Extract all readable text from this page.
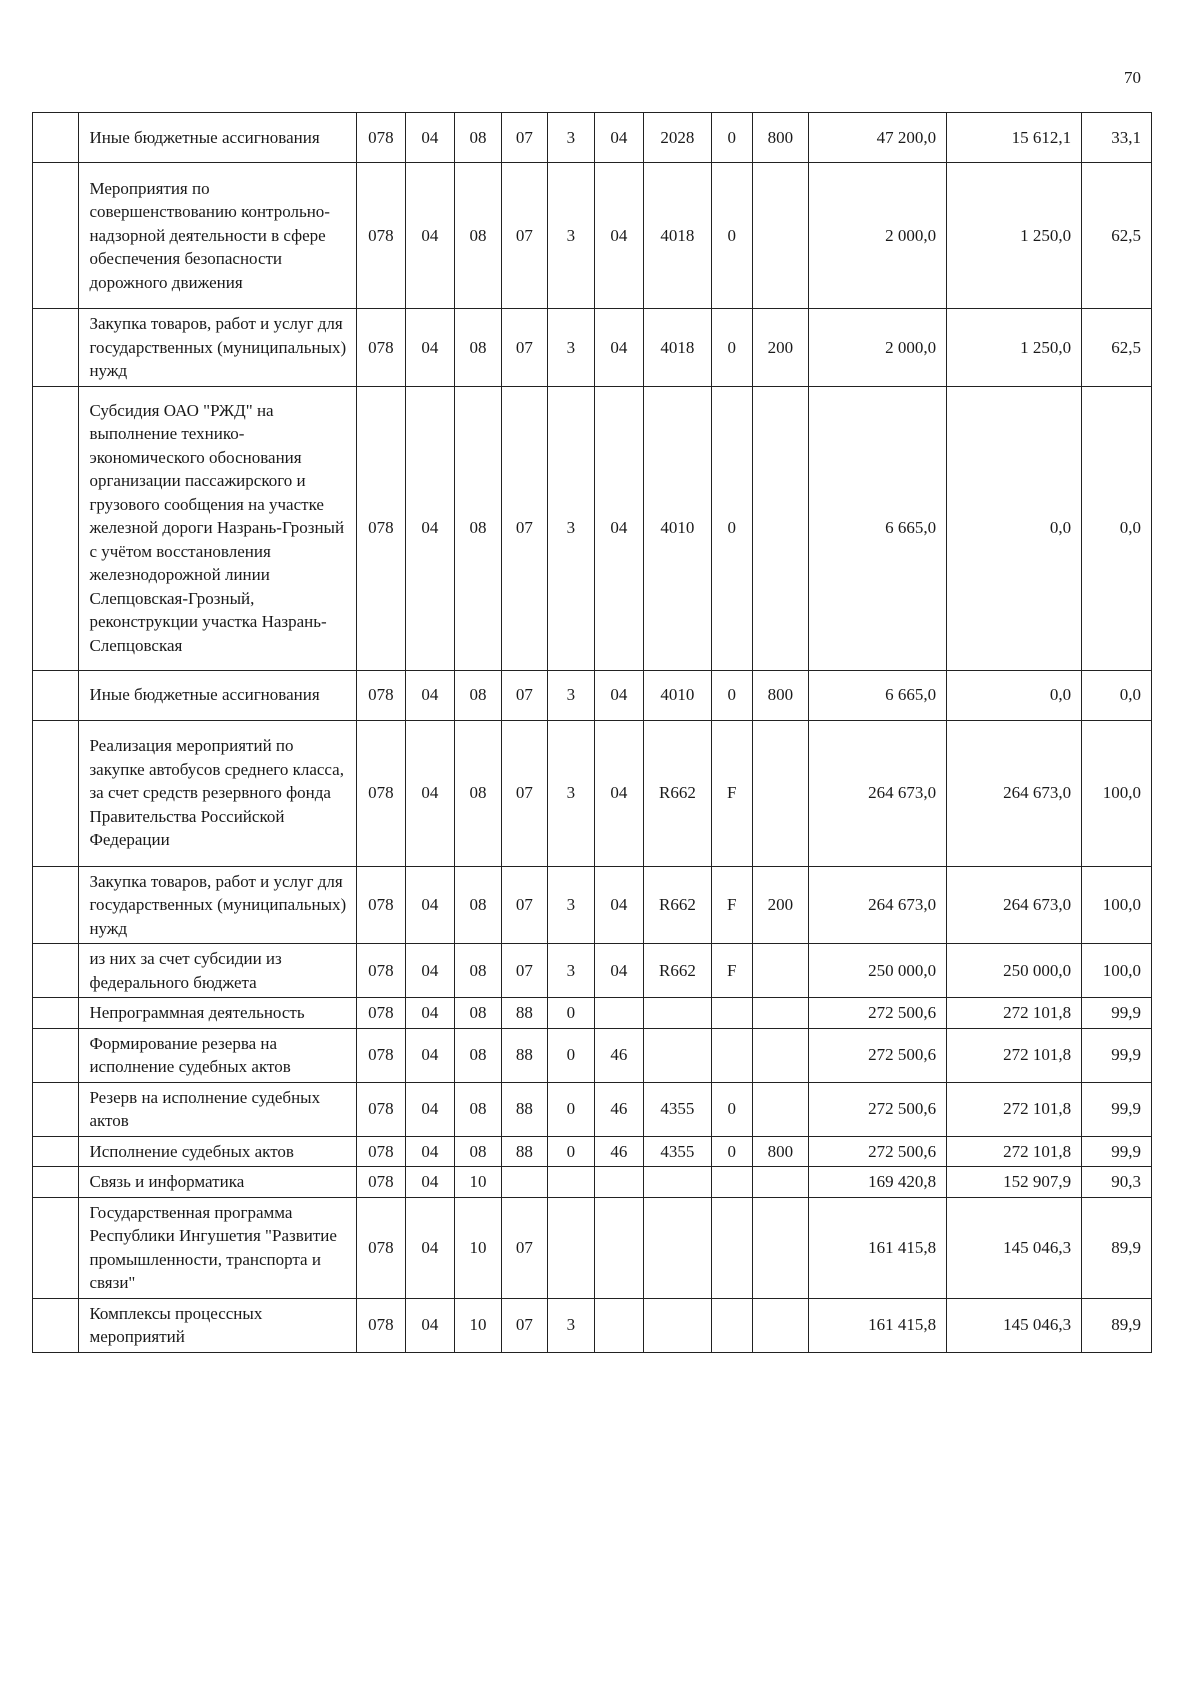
70
	Иные бюджетные ассигнования	078	04	08	07	3	04	2028	0	800	47 200,0	15 612,1	33,1
	Мероприятия по совершенствованию контрольно-надзорной деятельности в сфере обеспечения безопасности дорожного движения	078	04	08	07	3	04	4018	0		2 000,0	1 250,0	62,5
	Закупка товаров, работ и услуг для государственных (муниципальных) нужд	078	04	08	07	3	04	4018	0	200	2 000,0	1 250,0	62,5
	Субсидия ОАО "РЖД" на выполнение технико-экономического обоснования организации пассажирского и грузового сообщения на участке железной дороги Назрань-Грозный с учётом восстановления железнодорожной линии Слепцовская-Грозный, реконструкции участка Назрань-Слепцовская	078	04	08	07	3	04	4010	0		6 665,0	0,0	0,0
	Иные бюджетные ассигнования	078	04	08	07	3	04	4010	0	800	6 665,0	0,0	0,0
	Реализация мероприятий по закупке автобусов среднего класса, за счет средств резервного фонда Правительства Российской Федерации	078	04	08	07	3	04	R662	F		264 673,0	264 673,0	100,0
	Закупка товаров, работ и услуг для государственных (муниципальных) нужд	078	04	08	07	3	04	R662	F	200	264 673,0	264 673,0	100,0
	из них за счет субсидии из федерального бюджета	078	04	08	07	3	04	R662	F		250 000,0	250 000,0	100,0
	Непрограммная деятельность	078	04	08	88	0					272 500,6	272 101,8	99,9
	Формирование резерва на исполнение судебных актов	078	04	08	88	0	46				272 500,6	272 101,8	99,9
	Резерв на исполнение судебных актов	078	04	08	88	0	46	4355	0		272 500,6	272 101,8	99,9
	Исполнение судебных актов	078	04	08	88	0	46	4355	0	800	272 500,6	272 101,8	99,9
	Связь и информатика	078	04	10							169 420,8	152 907,9	90,3
	Государственная программа Республики Ингушетия "Развитие промышленности, транспорта и связи"	078	04	10	07						161 415,8	145 046,3	89,9
	Комплексы процессных мероприятий	078	04	10	07	3					161 415,8	145 046,3	89,9
